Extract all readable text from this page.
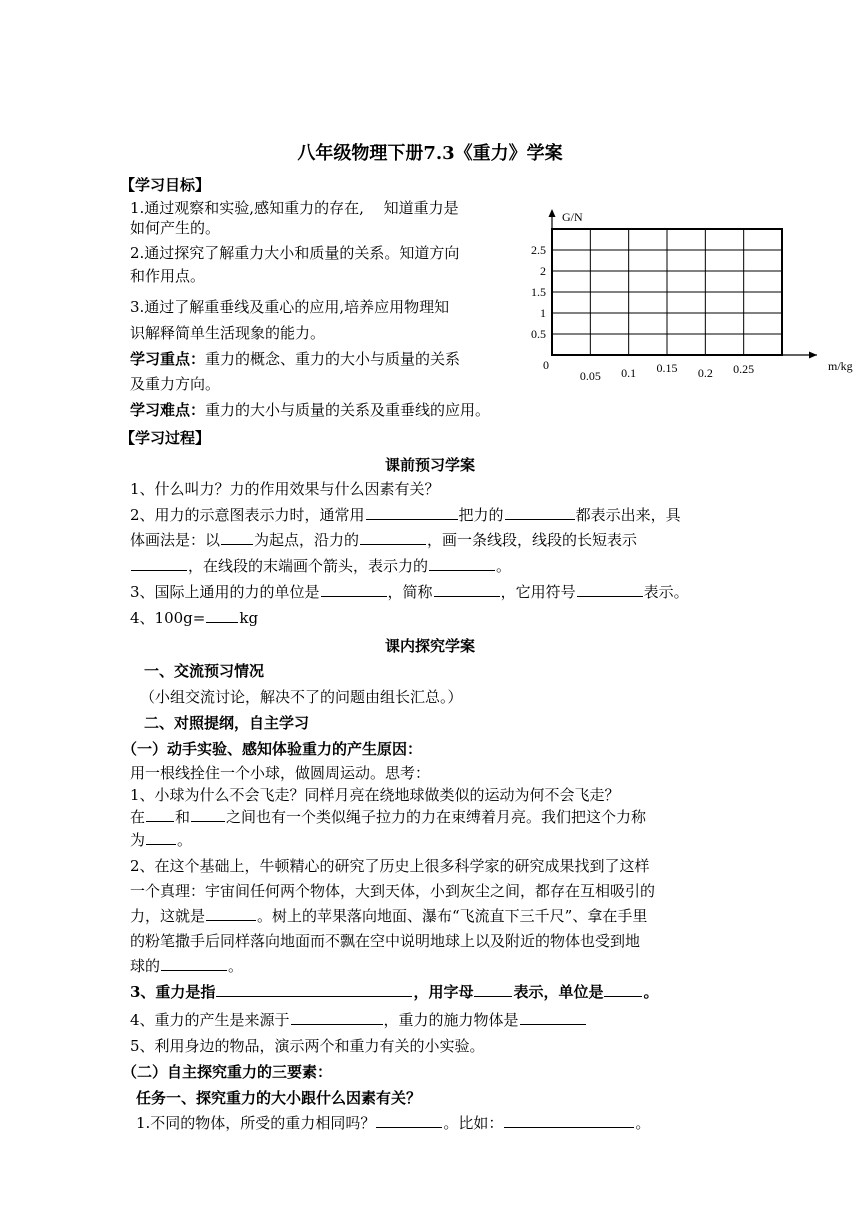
八年级物理下册7.3《重力》学案
【学习目标】
1.通过观察和实验,感知重力的存在,　 知道重力是
如何产生的。
2.通过探究了解重力大小和质量的关系。知道方向
和作用点。
3.通过了解重垂线及重心的应用,培养应用物理知
识解释简单生活现象的能力。
学习重点：重力的概念、重力的大小与质量的关系
及重力方向。
学习难点：重力的大小与质量的关系及重垂线的应用。
【学习过程】
G/N
m/kg
0
0.5
1
1.5
2
2.5
0.05 0.1 0.15 0.2 0.25
课前预习学案
1、什么叫力？力的作用效果与什么因素有关？
2、用力的示意图表示力时，通常用	把力的	都表示出来，具
体画法是：以 为起点，沿力的	，画一条线段，线段的长短表示
，在线段的末端画个箭头，表示力的	。
3、国际上通用的力的单位是	，简称	，它用符号	表示。
4、100g= kg
课内探究学案
一、交流预习情况
（小组交流讨论，解决不了的问题由组长汇总。）
二、对照提纲，自主学习
（一）动手实验、感知体验重力的产生原因：
用一根线拴住一个小球，做圆周运动。思考：
1、小球为什么不会飞走？同样月亮在绕地球做类似的运动为何不会飞走？
在 和 之间也有一个类似绳子拉力的力在束缚着月亮。我们把这个力称
为 。
2、在这个基础上，牛顿精心的研究了历史上很多科学家的研究成果找到了这样
一个真理：宇宙间任何两个物体，大到天体，小到灰尘之间，都存在互相吸引的
力，这就是	。树上的苹果落向地面、瀑布“飞流直下三千尺”、拿在手里
的粉笔撒手后同样落向地面而不飘在空中说明地球上以及附近的物体也受到地
球的	。
3、重力是指	，用字母	表示，单位是	。
4、重力的产生是来源于	，重力的施力物体是
5、利用身边的物品，演示两个和重力有关的小实验。
（二）自主探究重力的三要素：
任务一、探究重力的大小跟什么因素有关？
1.不同的物体，所受的重力相同吗？	。比如：	。
